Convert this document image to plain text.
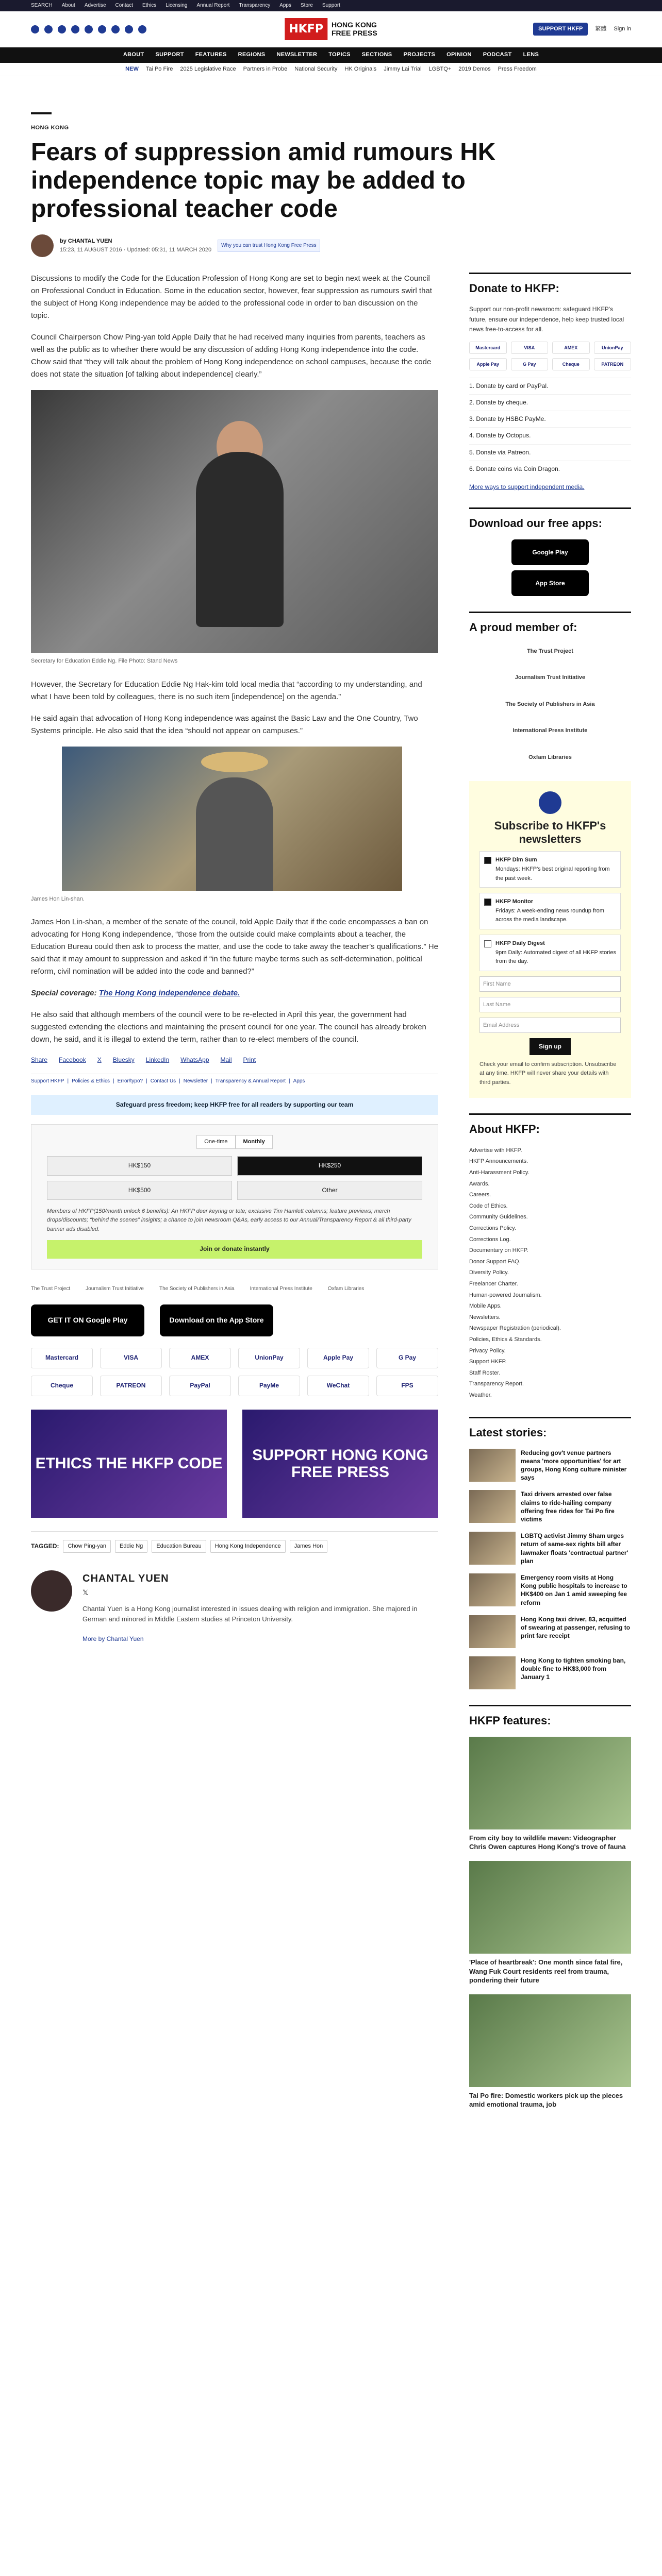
SEARCH About Advertise Contact Ethics Licensing Annual Report Transparency Apps Store Support
HKFP	HONG KONG
FREE PRESS	SUPPORT HKFP	繁體 Sign in
ABOUT SUPPORT FEATURES REGIONS NEWSLETTER TOPICS SECTIONS PROJECTS OPINION PODCAST LENS
NEW Tai Po Fire 2025 Legislative Race Partners in Probe National Security HK Originals Jimmy Lai Trial LGBTQ+ 2019 Demos Press Freedom
HONG KONG
Fears of suppression amid rumours HK independence topic may be added to professional teacher code
by CHANTAL YUEN
15:23, 11 AUGUST 2016 · Updated: 05:31, 11 MARCH 2020
Why you can trust Hong Kong Free Press

Discussions to modify the Code for the Education Profession of Hong Kong are set to begin next week at the Council on Professional Conduct in Education. Some in the education sector, however, fear suppression as rumours swirl that the subject of Hong Kong independence may be added to the professional code in order to ban discussion on the topic.

Council Chairperson Chow Ping-yan told Apple Daily that he had received many inquiries from parents, teachers as well as the public as to whether there would be any discussion of adding Hong Kong independence into the code. Chow said that “they will talk about the problem of Hong Kong independence on school campuses, because the code does not state the situation [of talking about independence] clearly.”

Secretary for Education Eddie Ng. File Photo: Stand News

However, the Secretary for Education Eddie Ng Hak-kim told local media that “according to my understanding, and what I have been told by colleagues, there is no such item [independence] on the agenda.”

He said again that advocation of Hong Kong independence was against the Basic Law and the One Country, Two Systems principle. He also said that the idea “should not appear on campuses.”

James Hon Lin-shan.

James Hon Lin-shan, a member of the senate of the council, told Apple Daily that if the code encompasses a ban on advocating for Hong Kong independence, “those from the outside could make complaints about a teacher, the Education Bureau could then ask to process the matter, and use the code to take away the teacher’s qualifications.” He said that it may amount to suppression and asked if “in the future maybe terms such as self-determination, political reform, civil nomination will be added into the code and banned?”

Special coverage: The Hong Kong independence debate.

He also said that although members of the council were to be re-elected in April this year, the government had suggested extending the elections and maintaining the present council for one year. The council has already broken down, he said, and it is illegal to extend the term, rather than to re-elect members of the council.

Share Facebook X Bluesky LinkedIn WhatsApp Mail Print
Support HKFP | Policies & Ethics | Error/typo? | Contact Us | Newsletter | Transparency & Annual Report | Apps
Safeguard press freedom; keep HKFP free for all readers by supporting our team
One-time	Monthly
HK$150	HK$250
HK$500	Other
Members of HKFP(150/month unlock 6 benefits): An HKFP deer keyring or tote; exclusive Tim Hamlett columns; feature previews; merch drops/discounts; “behind the scenes” insights; a chance to join newsroom Q&As, early access to our Annual/Transparency Report & all third-party banner ads disabled.
Join or donate instantly
The Trust Project	Journalism Trust Initiative	The Society of Publishers in Asia	International Press Institute	Oxfam Libraries
GET IT ON Google Play	Download on the App Store
Mastercard	VISA	AMEX	UnionPay	Apple Pay	G Pay
Cheque	PATREON	PayPal	PayMe	WeChat	FPS
ETHICS THE HKFP CODE	SUPPORT HONG KONG FREE PRESS
TAGGED:	Chow Ping-yan	Eddie Ng	Education Bureau	Hong Kong Independence	James Hon
CHANTAL YUEN
𝕏

Chantal Yuen is a Hong Kong journalist interested in issues dealing with religion and immigration. She majored in German and minored in Middle Eastern studies at Princeton University.

More by Chantal Yuen
Donate to HKFP:

Support our non-profit newsroom: safeguard HKFP's future, ensure our independence, help keep trusted local news free-to-access for all.

Mastercard	VISA	AMEX	UnionPay
Apple Pay	G Pay	Cheque	PATREON
1. Donate by card or PayPal.
2. Donate by cheque.
3. Donate by HSBC PayMe.
4. Donate by Octopus.
5. Donate via Patreon.
6. Donate coins via Coin Dragon.
More ways to support independent media.
Download our free apps:
Google Play
App Store
A proud member of:
The Trust Project
Journalism Trust Initiative
The Society of Publishers in Asia
International Press Institute
Oxfam Libraries
Subscribe to HKFP's newsletters
HKFP Dim Sum
Mondays: HKFP's best original reporting from the past week.
HKFP Monitor
Fridays: A week-ending news roundup from across the media landscape.
HKFP Daily Digest
9pm Daily: Automated digest of all HKFP stories from the day.
First Name
Last Name
Email Address
Sign up
Check your email to confirm subscription. Unsubscribe at any time. HKFP will never share your details with third parties.
About HKFP:
Advertise with HKFP.
HKFP Announcements.
Anti-Harassment Policy.
Awards.
Careers.
Code of Ethics.
Community Guidelines.
Corrections Policy.
Corrections Log.
Documentary on HKFP.
Donor Support FAQ.
Diversity Policy.
Freelancer Charter.
Human-powered Journalism.
Mobile Apps.
Newsletters.
Newspaper Registration (periodical).
Policies, Ethics & Standards.
Privacy Policy.
Support HKFP.
Staff Roster.
Transparency Report.
Weather.
Latest stories:
Reducing gov't venue partners means 'more opportunities' for art groups, Hong Kong culture minister says
Taxi drivers arrested over false claims to ride-hailing company offering free rides for Tai Po fire victims
LGBTQ activist Jimmy Sham urges return of same-sex rights bill after lawmaker floats 'contractual partner' plan
Emergency room visits at Hong Kong public hospitals to increase to HK$400 on Jan 1 amid sweeping fee reform
Hong Kong taxi driver, 83, acquitted of swearing at passenger, refusing to print fare receipt
Hong Kong to tighten smoking ban, double fine to HK$3,000 from January 1
HKFP features:
From city boy to wildlife maven: Videographer Chris Owen captures Hong Kong's trove of fauna
'Place of heartbreak': One month since fatal fire, Wang Fuk Court residents reel from trauma, pondering their future
Tai Po fire: Domestic workers pick up the pieces amid emotional trauma, job
